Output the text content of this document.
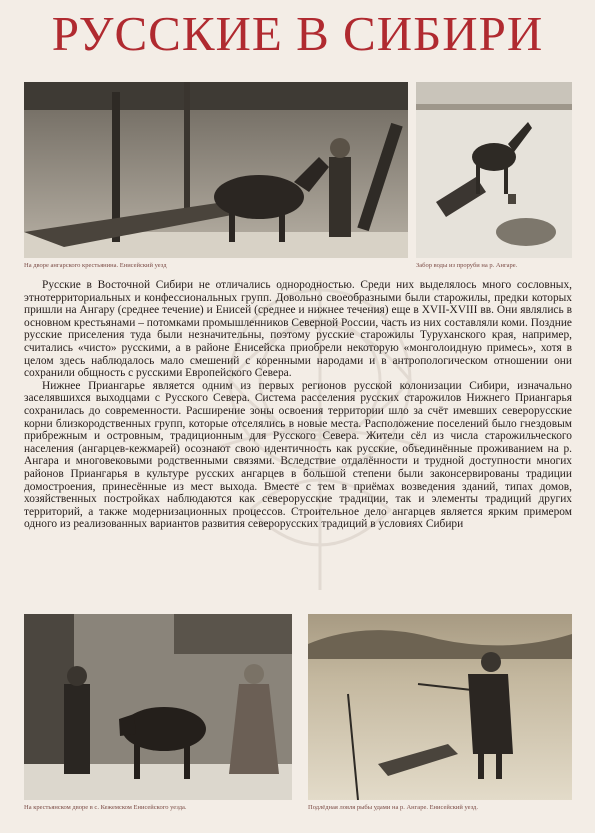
РУССКИЕ В СИБИРИ
На дворе ангарского крестьянина. Енисейский уезд	Забор воды из проруби на р. Ангаре.

Русские в Восточной Сибири не отличались однородностью. Среди них выделялось много сословных, этнотерриториальных и конфессиональных групп. Довольно своеобразными были старожилы, предки которых пришли на Ангару (среднее течение) и Енисей (среднее и нижнее течения) еще в XVII-XVIII вв. Они являлись в основном крестьянами – потомками промышленников Северной России, часть из них составляли коми. Поздние русские приселения туда были незначительны, поэтому русские старожилы Туруханского края, например, считались «чисто» русскими, а в районе Енисейска приобрели некоторую «монголоидную примесь», хотя в целом здесь наблюдалось мало смешений с коренными народами и в антропологическом отношении они сохранили общность с русскими Европейского Севера.

Нижнее Приангарье является одним из первых регионов русской колонизации Сибири, изначально заселявшихся выходцами с Русского Севера. Система расселения русских старожилов Нижнего Приангарья сохранилась до современности. Расширение зоны освоения территории шло за счёт имевших северорусские корни близкородственных групп, которые отселялись в новые места. Расположение поселений было гнездовым прибрежным и островным, традиционным для Русского Севера. Жители сёл из числа старожильческого населения (ангарцев-кежмарей) осознают свою идентичность как русские, объединённые проживанием на р. Ангара и многовековыми родственными связями. Вследствие отдалённости и трудной доступности многих районов Приангарья в культуре русских ангарцев в большой степени были законсервированы традиции домостроения, принесённые из мест выхода. Вместе с тем в приёмах возведения зданий, типах домов, хозяйственных постройках наблюдаются как северорусские традиции, так и элементы традиций других территорий, а также модернизационных процессов. Строительное дело ангарцев является ярким примером одного из реализованных вариантов развития северорусских традиций в условиях Сибири

На крестьянском дворе в с. Кежемском Енисейского уезда.	Подлёдная ловля рыбы удами на р. Ангаре. Енисейский уезд.
